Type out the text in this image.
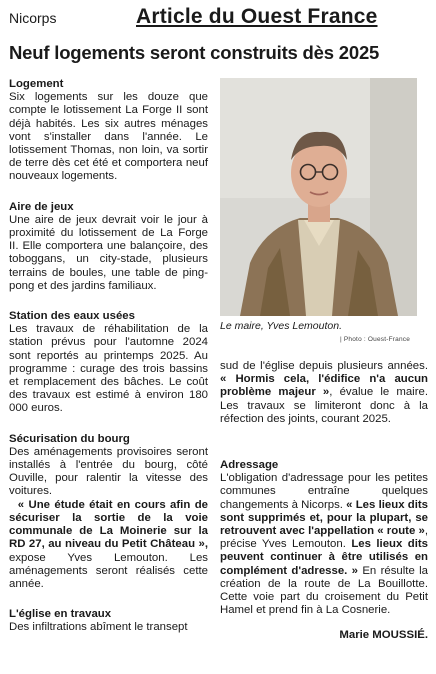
Nicorps	Article du Ouest France
Neuf logements seront construits dès 2025

Logement

Six logements sur les douze que compte le lotissement La Forge II sont déjà habités. Les six autres ménages vont s'installer dans l'année. Le lotissement Thomas, non loin, va sortir de terre dès cet été et comportera neuf nouveaux logements.

Aire de jeux

Une aire de jeux devrait voir le jour à proximité du lotissement de La Forge II. Elle comportera une balançoire, des toboggans, un city-stade, plusieurs terrains de boules, une table de ping-pong et des jardins familiaux.

Station des eaux usées

Les travaux de réhabilitation de la station prévus pour l'automne 2024 sont reportés au printemps 2025. Au programme : curage des trois bassins et remplacement des bâches. Le coût des travaux est estimé à environ 180 000 euros.

Sécurisation du bourg

Des aménagements provisoires seront installés à l'entrée du bourg, côté Ouville, pour ralentir la vitesse des voitures.
« Une étude était en cours afin de sécuriser la sortie de la voie communale de La Moinerie sur la RD 27, au niveau du Petit Château », expose Yves Lemouton. Les aménagements seront réalisés cette année.

L'église en travaux

Des infiltrations abîment le transept

Le maire, Yves Lemouton.
| Photo : Ouest-France

sud de l'église depuis plusieurs années. « Hormis cela, l'édifice n'a aucun problème majeur », évalue le maire. Les travaux se limiteront donc à la réfection des joints, courant 2025.

Adressage

L'obligation d'adressage pour les petites communes entraîne quelques changements à Nicorps. « Les lieux dits sont supprimés et, pour la plupart, se retrouvent avec l'appellation « route », précise Yves Lemouton. Les lieux dits peuvent continuer à être utilisés en complément d'adresse. » En résulte la création de la route de La Bouillotte. Cette voie part du croisement du Petit Hamel et prend fin à La Cosnerie.

Marie MOUSSIÉ.
